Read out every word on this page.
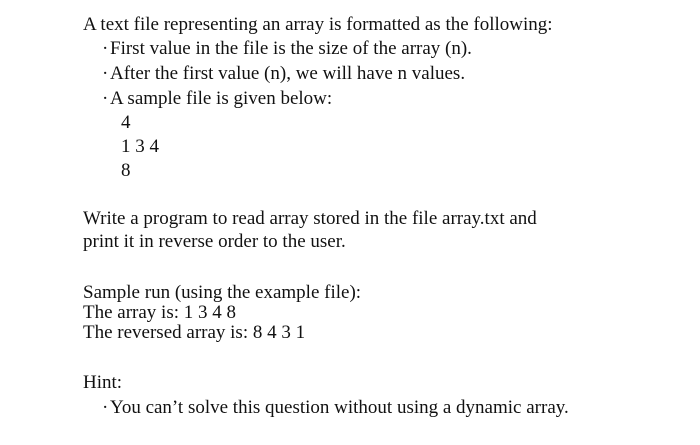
A text file representing an array is formatted as the following:
· First value in the file is the size of the array (n).
· After the first value (n), we will have n values.
· A sample file is given below:
4
1 3 4
8
Write a program to read array stored in the file array.txt and
print it in reverse order to the user.
Sample run (using the example file):
The array is: 1 3 4 8
The reversed array is: 8 4 3 1
Hint:
· You can’t solve this question without using a dynamic array.
